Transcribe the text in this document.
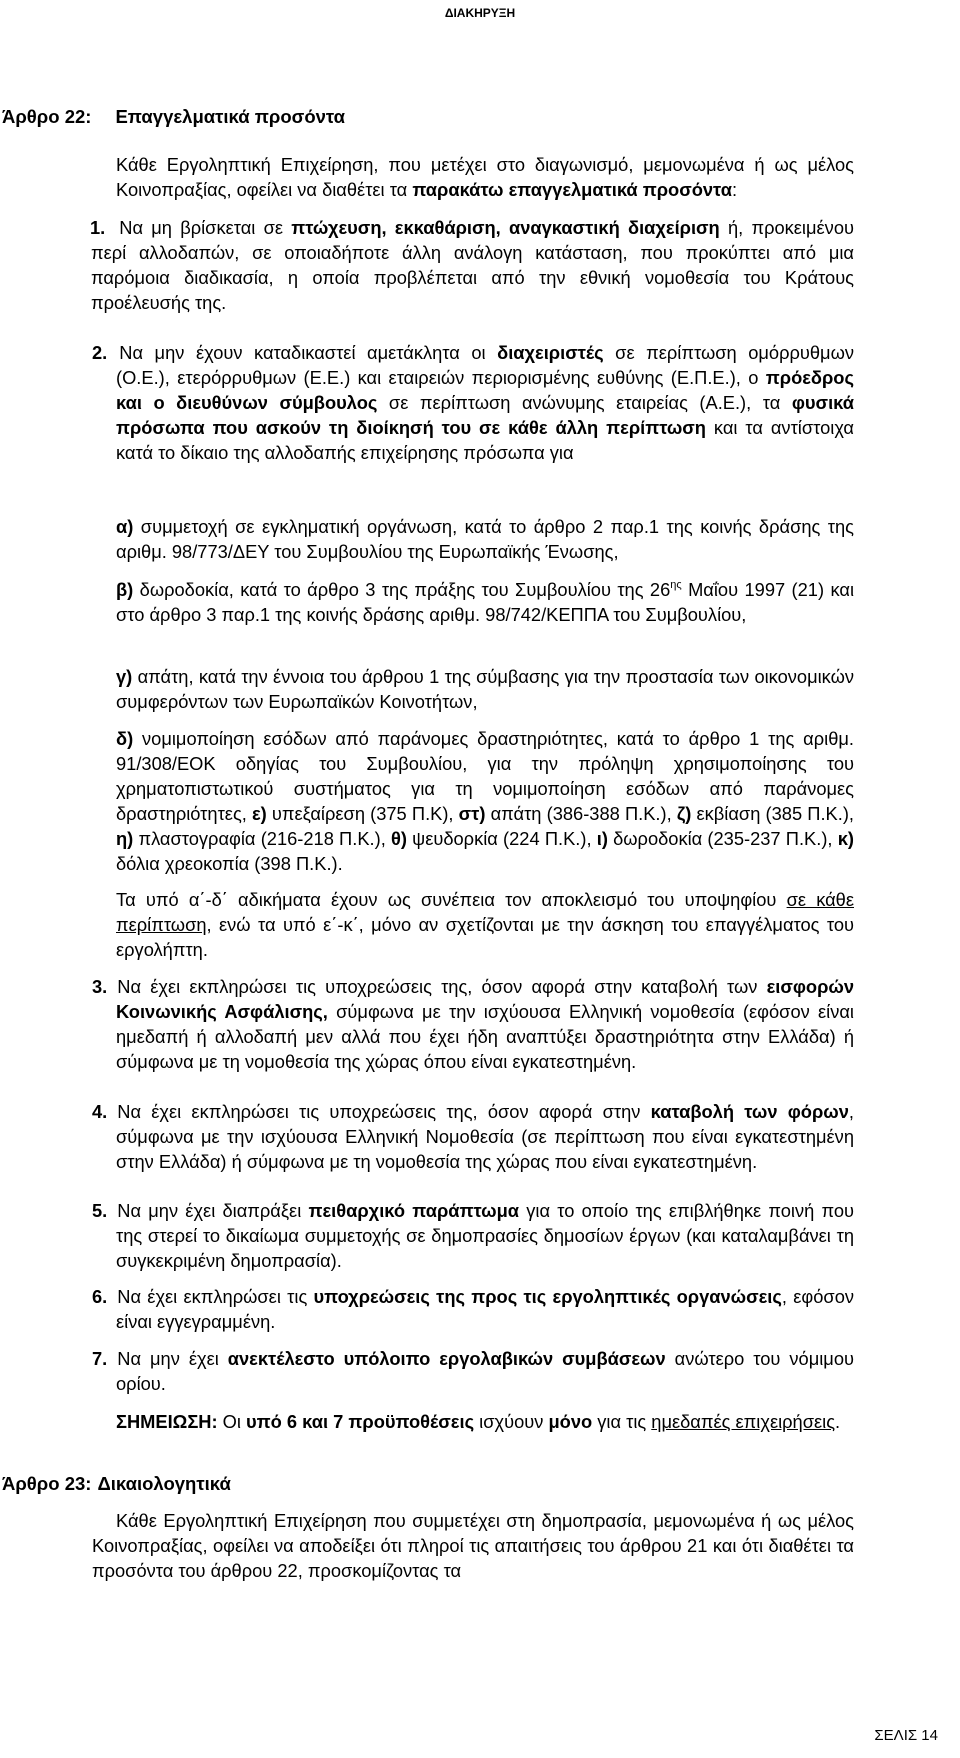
ΔΙΑΚΗΡΥΞΗ
Άρθρο 22: Επαγγελματικά προσόντα
Κάθε Εργοληπτική Επιχείρηση, που μετέχει στο διαγωνισμό, μεμονωμένα ή ως μέλος Κοινοπραξίας, οφείλει να διαθέτει τα παρακάτω επαγγελματικά προσόντα:
1. Να μη βρίσκεται σε πτώχευση, εκκαθάριση, αναγκαστική διαχείριση ή, προκειμένου περί αλλοδαπών, σε οποιαδήποτε άλλη ανάλογη κατάσταση, που προκύπτει από μια παρόμοια διαδικασία, η οποία προβλέπεται από την εθνική νομοθεσία του Κράτους προέλευσής της.
2. Να μην έχουν καταδικαστεί αμετάκλητα οι διαχειριστές σε περίπτωση ομόρρυθμων (Ο.Ε.), ετερόρρυθμων (Ε.Ε.) και εταιρειών περιορισμένης ευθύνης (Ε.Π.Ε.), ο πρόεδρος και ο διευθύνων σύμβουλος σε περίπτωση ανώνυμης εταιρείας (Α.Ε.), τα φυσικά πρόσωπα που ασκούν τη διοίκησή του σε κάθε άλλη περίπτωση και τα αντίστοιχα κατά το δίκαιο της αλλοδαπής επιχείρησης πρόσωπα για
α) συμμετοχή σε εγκληματική οργάνωση, κατά το άρθρο 2 παρ.1 της κοινής δράσης της αριθμ. 98/773/ΔΕΥ του Συμβουλίου της Ευρωπαϊκής Ένωσης,
β) δωροδοκία, κατά το άρθρο 3 της πράξης του Συμβουλίου της $26^{\eta\varsigma}$ Μαΐου 1997 (21) και στο άρθρο 3 παρ.1 της κοινής δράσης αριθμ. 98/742/ΚΕΠΠΑ του Συμβουλίου,
γ) απάτη, κατά την έννοια του άρθρου 1 της σύμβασης για την προστασία των οικονομικών συμφερόντων των Ευρωπαϊκών Κοινοτήτων,
δ) νομιμοποίηση εσόδων από παράνομες δραστηριότητες, κατά το άρθρο 1 της αριθμ. 91/308/ΕΟΚ οδηγίας του Συμβουλίου, για την πρόληψη χρησιμοποίησης του χρηματοπιστωτικού συστήματος για τη νομιμοποίηση εσόδων από παράνομες δραστηριότητες, ε) υπεξαίρεση (375 Π.Κ), στ) απάτη (386-388 Π.Κ.), ζ) εκβίαση (385 Π.Κ.), η) πλαστογραφία (216-218 Π.Κ.), θ) ψευδορκία (224 Π.Κ.), ι) δωροδοκία (235-237 Π.Κ.), κ) δόλια χρεοκοπία (398 Π.Κ.).
Τα υπό α΄-δ΄ αδικήματα έχουν ως συνέπεια τον αποκλεισμό του υποψηφίου σε κάθε περίπτωση, ενώ τα υπό ε΄-κ΄, μόνο αν σχετίζονται με την άσκηση του επαγγέλματος του εργολήπτη.
3. Να έχει εκπληρώσει τις υποχρεώσεις της, όσον αφορά στην καταβολή των εισφορών Κοινωνικής Ασφάλισης, σύμφωνα με την ισχύουσα Ελληνική νομοθεσία (εφόσον είναι ημεδαπή ή αλλοδαπή μεν αλλά που έχει ήδη αναπτύξει δραστηριότητα στην Ελλάδα) ή σύμφωνα με τη νομοθεσία της χώρας όπου είναι εγκατεστημένη.
4. Να έχει εκπληρώσει τις υποχρεώσεις της, όσον αφορά στην καταβολή των φόρων, σύμφωνα με την ισχύουσα Ελληνική Νομοθεσία (σε περίπτωση που είναι εγκατεστημένη στην Ελλάδα) ή σύμφωνα με τη νομοθεσία της χώρας που είναι εγκατεστημένη.
5. Να μην έχει διαπράξει πειθαρχικό παράπτωμα για το οποίο της επιβλήθηκε ποινή που της στερεί το δικαίωμα συμμετοχής σε δημοπρασίες δημοσίων έργων (και καταλαμβάνει τη συγκεκριμένη δημοπρασία).
6. Να έχει εκπληρώσει τις υποχρεώσεις της προς τις εργοληπτικές οργανώσεις, εφόσον είναι εγγεγραμμένη.
7. Να μην έχει ανεκτέλεστο υπόλοιπο εργολαβικών συμβάσεων ανώτερο του νόμιμου ορίου.
ΣΗΜΕΙΩΣΗ: Οι υπό 6 και 7 προϋποθέσεις ισχύουν μόνο για τις ημεδαπές επιχειρήσεις.
Άρθρο 23: Δικαιολογητικά
Κάθε Εργοληπτική Επιχείρηση που συμμετέχει στη δημοπρασία, μεμονωμένα ή ως μέλος Κοινοπραξίας, οφείλει να αποδείξει ότι πληροί τις απαιτήσεις του άρθρου 21 και ότι διαθέτει τα προσόντα του άρθρου 22, προσκομίζοντας τα
ΣΕΛΙΣ 14
